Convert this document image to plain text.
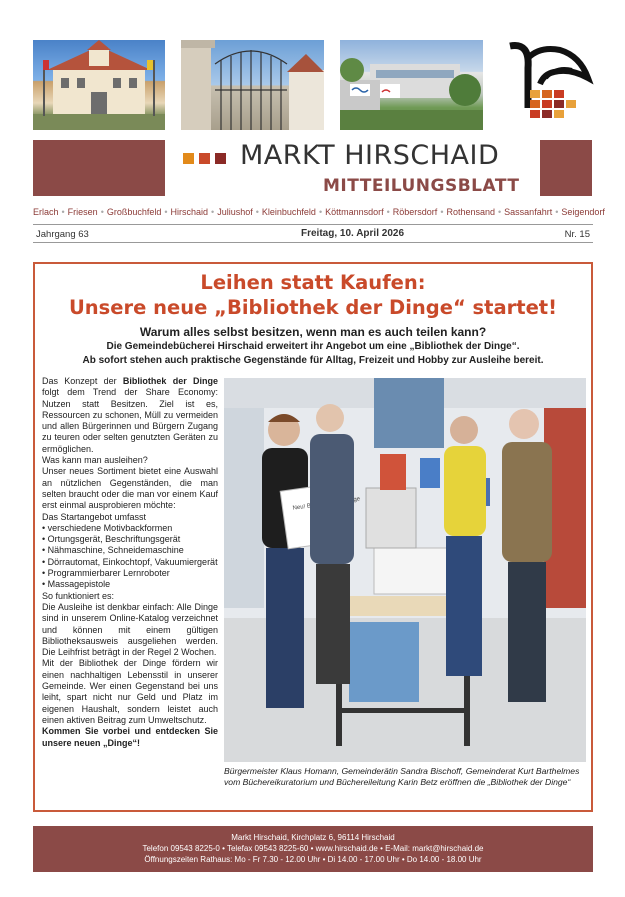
MARKT HIRSCHAID
MITTEILUNGSBLATT
Erlach • Friesen • Großbuchfeld • Hirschaid • Juliushof • Kleinbuchfeld • Köttmannsdorf • Röbersdorf • Rothensand • Sassanfahrt • Seigendorf
Jahrgang 63	Freitag, 10. April 2026	Nr. 15
Leihen statt Kaufen:
Unsere neue „Bibliothek der Dinge“ startet!
Warum alles selbst besitzen, wenn man es auch teilen kann?
Die Gemeindebücherei Hirschaid erweitert ihr Angebot um eine „Bibliothek der Dinge“.
Ab sofort stehen auch praktische Gegenstände für Alltag, Freizeit und Hobby zur Ausleihe bereit.

Das Konzept der Bibliothek der Dinge folgt dem Trend der Share Economy: Nutzen statt Besitzen. Ziel ist es, Ressourcen zu schonen, Müll zu vermeiden und allen Bürgerinnen und Bürgern Zugang zu teuren oder selten genutzten Geräten zu ermöglichen.

Was kann man ausleihen?

Unser neues Sortiment bietet eine Auswahl an nützlichen Gegenständen, die man selten braucht oder die man vor einem Kauf erst einmal ausprobieren möchte:

Das Startangebot umfasst

• verschiedene Motivbackformen

• Ortungsgerät, Beschriftungsgerät

• Nähmaschine, Schneidemaschine

• Dörrautomat, Einkochtopf, Vakuumiergerät

• Programmierbarer Lernroboter

• Massagepistole

So funktioniert es:

Die Ausleihe ist denkbar einfach: Alle Dinge sind in unserem Online-Katalog verzeichnet und können mit einem gültigen Bibliotheksausweis ausgeliehen werden. Die Leihfrist beträgt in der Regel 2 Wochen.

Mit der Bibliothek der Dinge fördern wir einen nachhaltigen Lebensstil in unserer Gemeinde. Wer einen Gegenstand bei uns leiht, spart nicht nur Geld und Platz im eigenen Haushalt, sondern leistet auch einen aktiven Beitrag zum Umweltschutz.

Kommen Sie vorbei und entdecken Sie unsere neuen „Dinge“!

Neu!
Bürgermeister Klaus Homann, Gemeinderätin Sandra Bischoff, Gemeinderat Kurt Barthelmes vom Büchereikuratorium und Büchereileitung Karin Betz eröffnen die „Bibliothek der Dinge“
Markt Hirschaid, Kirchplatz 6, 96114 Hirschaid
Telefon 09543 8225-0 • Telefax 09543 8225-60 • www.hirschaid.de • E-Mail: markt@hirschaid.de
Öffnungszeiten Rathaus: Mo - Fr 7.30 - 12.00 Uhr • Di 14.00 - 17.00 Uhr • Do 14.00 - 18.00 Uhr
